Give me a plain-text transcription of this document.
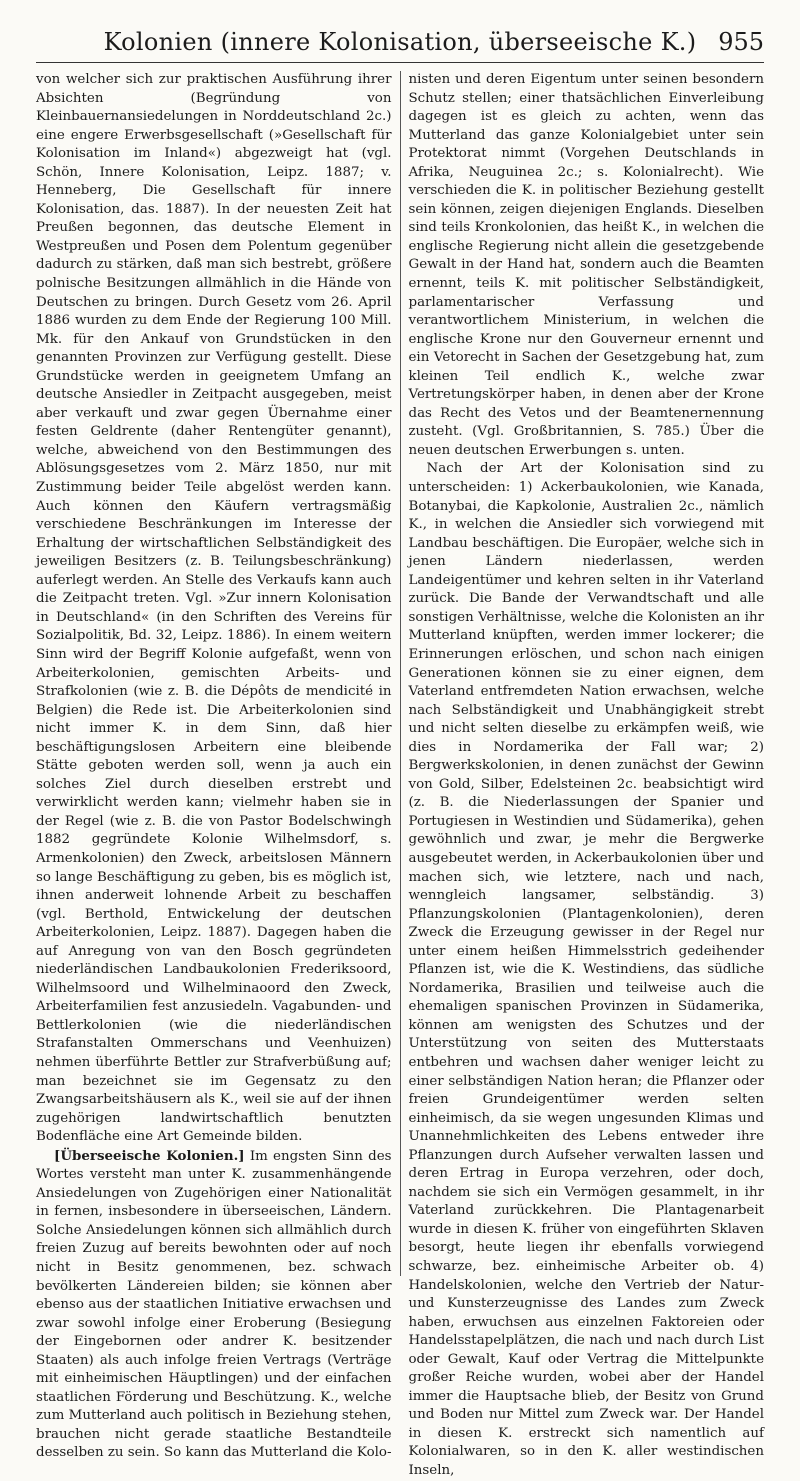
Kolonien (innere Kolonisation, überseeische K.) 955

von welcher sich zur praktischen Ausführung ihrer Absichten (Begründung von Kleinbauernansiedelungen in Norddeutschland 2c.) eine engere Erwerbsgesellschaft (»Gesellschaft für Kolonisation im Inland«) abgezweigt hat (vgl. Schön, Innere Kolonisation, Leipz. 1887; v. Henneberg, Die Gesellschaft für innere Kolonisation, das. 1887). In der neuesten Zeit hat Preußen begonnen, das deutsche Element in Westpreußen und Posen dem Polentum gegenüber dadurch zu stärken, daß man sich bestrebt, größere polnische Besitzungen allmählich in die Hände von Deutschen zu bringen. Durch Gesetz vom 26. April 1886 wurden zu dem Ende der Regierung 100 Mill. Mk. für den Ankauf von Grundstücken in den genannten Provinzen zur Verfügung gestellt. Diese Grundstücke werden in geeignetem Umfang an deutsche Ansiedler in Zeitpacht ausgegeben, meist aber verkauft und zwar gegen Übernahme einer festen Geldrente (daher Rentengüter genannt), welche, abweichend von den Bestimmungen des Ablösungsgesetzes vom 2. März 1850, nur mit Zustimmung beider Teile abgelöst werden kann. Auch können den Käufern vertragsmäßig verschiedene Beschränkungen im Interesse der Erhaltung der wirtschaftlichen Selbständigkeit des jeweiligen Besitzers (z. B. Teilungsbeschränkung) auferlegt werden. An Stelle des Verkaufs kann auch die Zeitpacht treten. Vgl. »Zur innern Kolonisation in Deutschland« (in den Schriften des Vereins für Sozialpolitik, Bd. 32, Leipz. 1886). In einem weitern Sinn wird der Begriff Kolonie aufgefaßt, wenn von Arbeiterkolonien, gemischten Arbeits- und Strafkolonien (wie z. B. die Dépôts de mendicité in Belgien) die Rede ist. Die Arbeiterkolonien sind nicht immer K. in dem Sinn, daß hier beschäftigungslosen Arbeitern eine bleibende Stätte geboten werden soll, wenn ja auch ein solches Ziel durch dieselben erstrebt und verwirklicht werden kann; vielmehr haben sie in der Regel (wie z. B. die von Pastor Bodelschwingh 1882 gegründete Kolonie Wilhelmsdorf, s. Armenkolonien) den Zweck, arbeitslosen Männern so lange Beschäftigung zu geben, bis es möglich ist, ihnen anderweit lohnende Arbeit zu beschaffen (vgl. Berthold, Entwickelung der deutschen Arbeiterkolonien, Leipz. 1887). Dagegen haben die auf Anregung von van den Bosch gegründeten niederländischen Landbaukolonien Frederiksoord, Wilhelmsoord und Wilhelminaoord den Zweck, Arbeiterfamilien fest anzusiedeln. Vagabunden- und Bettlerkolonien (wie die niederländischen Strafanstalten Ommerschans und Veenhuizen) nehmen überführte Bettler zur Strafverbüßung auf; man bezeichnet sie im Gegensatz zu den Zwangsarbeitshäusern als K., weil sie auf der ihnen zugehörigen landwirtschaftlich benutzten Bodenfläche eine Art Gemeinde bilden.

[Überseeische Kolonien.] Im engsten Sinn des Wortes versteht man unter K. zusammenhängende Ansiedelungen von Zugehörigen einer Nationalität in fernen, insbesondere in überseeischen, Ländern. Solche Ansiedelungen können sich allmählich durch freien Zuzug auf bereits bewohnten oder auf noch nicht in Besitz genommenen, bez. schwach bevölkerten Ländereien bilden; sie können aber ebenso aus der staatlichen Initiative erwachsen und zwar sowohl infolge einer Eroberung (Besiegung der Eingebornen oder andrer K. besitzender Staaten) als auch infolge freien Vertrags (Verträge mit einheimischen Häuptlingen) und der einfachen staatlichen Förderung und Beschützung. K., welche zum Mutterland auch politisch in Beziehung stehen, brauchen nicht gerade staatliche Bestandteile desselben zu sein. So kann das Mutterland die Kolo-

nisten und deren Eigentum unter seinen besondern Schutz stellen; einer thatsächlichen Einverleibung dagegen ist es gleich zu achten, wenn das Mutterland das ganze Kolonialgebiet unter sein Protektorat nimmt (Vorgehen Deutschlands in Afrika, Neuguinea 2c.; s. Kolonialrecht). Wie verschieden die K. in politischer Beziehung gestellt sein können, zeigen diejenigen Englands. Dieselben sind teils Kronkolonien, das heißt K., in welchen die englische Regierung nicht allein die gesetzgebende Gewalt in der Hand hat, sondern auch die Beamten ernennt, teils K. mit politischer Selbständigkeit, parlamentarischer Verfassung und verantwortlichem Ministerium, in welchen die englische Krone nur den Gouverneur ernennt und ein Vetorecht in Sachen der Gesetzgebung hat, zum kleinen Teil endlich K., welche zwar Vertretungskörper haben, in denen aber der Krone das Recht des Vetos und der Beamtenernennung zusteht. (Vgl. Großbritannien, S. 785.) Über die neuen deutschen Erwerbungen s. unten.

Nach der Art der Kolonisation sind zu unterscheiden: 1) Ackerbaukolonien, wie Kanada, Botanybai, die Kapkolonie, Australien 2c., nämlich K., in welchen die Ansiedler sich vorwiegend mit Landbau beschäftigen. Die Europäer, welche sich in jenen Ländern niederlassen, werden Landeigentümer und kehren selten in ihr Vaterland zurück. Die Bande der Verwandtschaft und alle sonstigen Verhältnisse, welche die Kolonisten an ihr Mutterland knüpften, werden immer lockerer; die Erinnerungen erlöschen, und schon nach einigen Generationen können sie zu einer eignen, dem Vaterland entfremdeten Nation erwachsen, welche nach Selbständigkeit und Unabhängigkeit strebt und nicht selten dieselbe zu erkämpfen weiß, wie dies in Nordamerika der Fall war; 2) Bergwerkskolonien, in denen zunächst der Gewinn von Gold, Silber, Edelsteinen 2c. beabsichtigt wird (z. B. die Niederlassungen der Spanier und Portugiesen in Westindien und Südamerika), gehen gewöhnlich und zwar, je mehr die Bergwerke ausgebeutet werden, in Ackerbaukolonien über und machen sich, wie letztere, nach und nach, wenngleich langsamer, selbständig. 3) Pflanzungskolonien (Plantagenkolonien), deren Zweck die Erzeugung gewisser in der Regel nur unter einem heißen Himmelsstrich gedeihender Pflanzen ist, wie die K. Westindiens, das südliche Nordamerika, Brasilien und teilweise auch die ehemaligen spanischen Provinzen in Südamerika, können am wenigsten des Schutzes und der Unterstützung von seiten des Mutterstaats entbehren und wachsen daher weniger leicht zu einer selbständigen Nation heran; die Pflanzer oder freien Grundeigentümer werden selten einheimisch, da sie wegen ungesunden Klimas und Unannehmlichkeiten des Lebens entweder ihre Pflanzungen durch Aufseher verwalten lassen und deren Ertrag in Europa verzehren, oder doch, nachdem sie sich ein Vermögen gesammelt, in ihr Vaterland zurückkehren. Die Plantagenarbeit wurde in diesen K. früher von eingeführten Sklaven besorgt, heute liegen ihr ebenfalls vorwiegend schwarze, bez. einheimische Arbeiter ob. 4) Handelskolonien, welche den Vertrieb der Natur- und Kunsterzeugnisse des Landes zum Zweck haben, erwuchsen aus einzelnen Faktoreien oder Handelsstapelplätzen, die nach und nach durch List oder Gewalt, Kauf oder Vertrag die Mittelpunkte großer Reiche wurden, wobei aber der Handel immer die Hauptsache blieb, der Besitz von Grund und Boden nur Mittel zum Zweck war. Der Handel in diesen K. erstreckt sich namentlich auf Kolonialwaren, so in den K. aller westindischen Inseln,
